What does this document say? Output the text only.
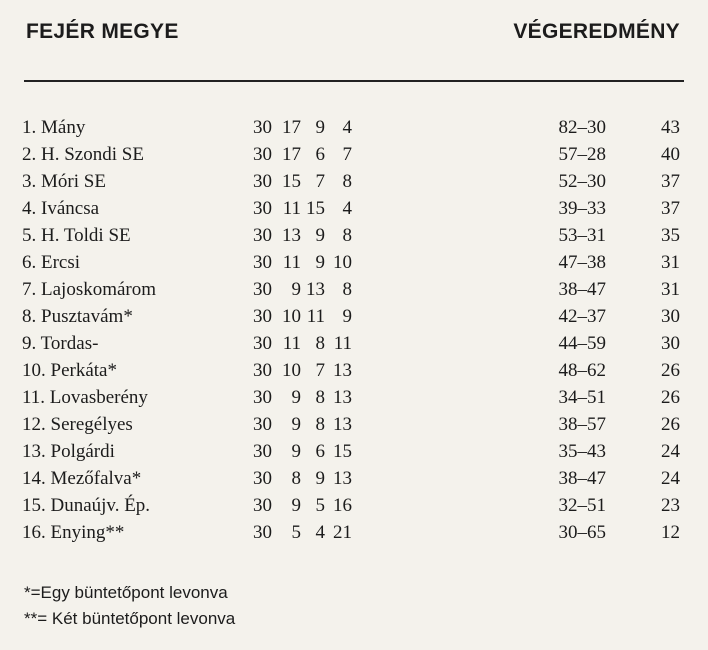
FEJÉR MEGYE	VÉGEREDMÉNY
1. Mány	30 17 9 4	82–30	43
2. H. Szondi SE	30 17 6 7	57–28	40
3. Móri SE	30 15 7 8	52–30	37
4. Iváncsa	30 11 15 4	39–33	37
5. H. Toldi SE	30 13 9 8	53–31	35
6. Ercsi	30 11 9 10	47–38	31
7. Lajoskomárom	30	9 13 8	38–47	31
8. Pusztavám*	30 10 11 9	42–37	30
9. Tordas-	30 11 8 11	44–59	30
10. Perkáta*	30 10 7 13	48–62	26
11. Lovasberény	30	9 8 13	34–51	26
12. Seregélyes	30	9 8 13	38–57	26
13. Polgárdi	30	9 6 15	35–43	24
14. Mezőfalva*	30	8 9 13	38–47	24
15. Dunaújv. Ép.	30	9 5 16	32–51	23
16. Enying**	30	5 4 21	30–65	12
*=Egy büntetőpont levonva
**= Két büntetőpont levonva
